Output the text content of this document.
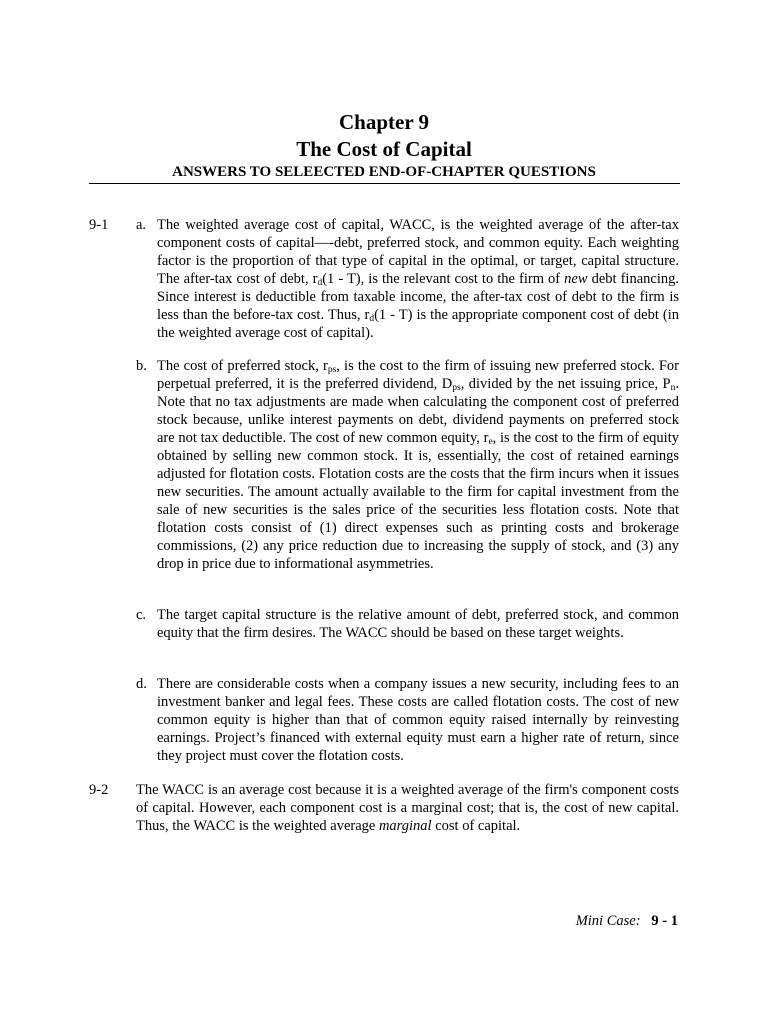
Chapter 9
The Cost of Capital
ANSWERS TO SELEECTED END-OF-CHAPTER QUESTIONS
9-1 a. The weighted average cost of capital, WACC, is the weighted average of the after-tax component costs of capital—-debt, preferred stock, and common equity. Each weighting factor is the proportion of that type of capital in the optimal, or target, capital structure. The after-tax cost of debt, $r_d(1 - T)$, is the relevant cost to the firm of new debt financing. Since interest is deductible from taxable income, the after-tax cost of debt to the firm is less than the before-tax cost. Thus, $r_d(1 - T)$ is the appropriate component cost of debt (in the weighted average cost of capital).

b. The cost of preferred stock, $r_{ps}$, is the cost to the firm of issuing new preferred stock. For perpetual preferred, it is the preferred dividend, $D_{ps}$, divided by the net issuing price, $P_n$. Note that no tax adjustments are made when calculating the component cost of preferred stock because, unlike interest payments on debt, dividend payments on preferred stock are not tax deductible. The cost of new common equity, $r_e$, is the cost to the firm of equity obtained by selling new common stock. It is, essentially, the cost of retained earnings adjusted for flotation costs. Flotation costs are the costs that the firm incurs when it issues new securities. The amount actually available to the firm for capital investment from the sale of new securities is the sales price of the securities less flotation costs. Note that flotation costs consist of (1) direct expenses such as printing costs and brokerage commissions, (2) any price reduction due to increasing the supply of stock, and (3) any drop in price due to informational asymmetries.

c. The target capital structure is the relative amount of debt, preferred stock, and common equity that the firm desires. The WACC should be based on these target weights.
d. There are considerable costs when a company issues a new security, including fees to an investment banker and legal fees. These costs are called flotation costs. The cost of new common equity is higher than that of common equity raised internally by reinvesting earnings. Project’s financed with external equity must earn a higher rate of return, since they project must cover the flotation costs.
9-2 The WACC is an average cost because it is a weighted average of the firm's component costs of capital. However, each component cost is a marginal cost; that is, the cost of new capital. Thus, the WACC is the weighted average marginal cost of capital.

Mini Case: 9 - 1
